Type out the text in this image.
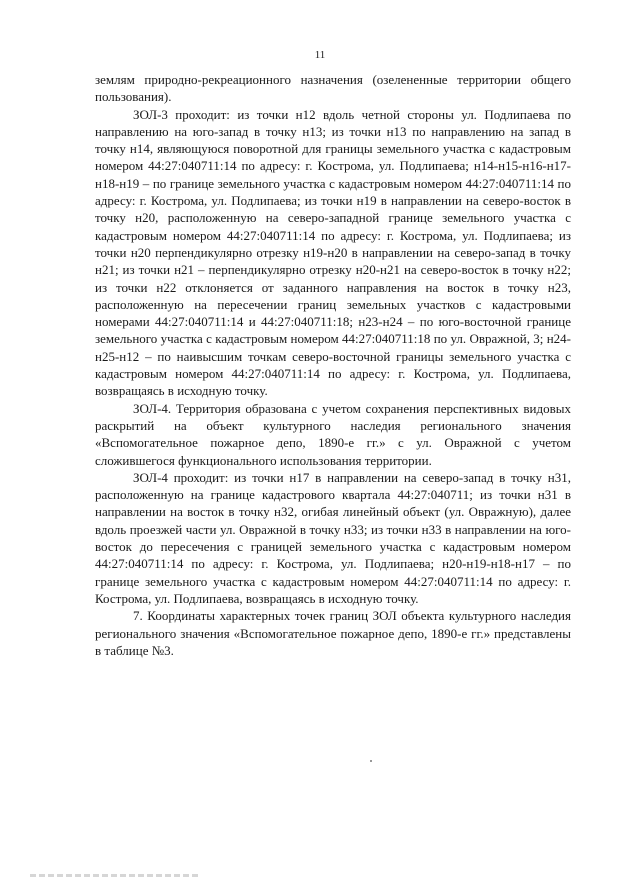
11

землям природно-рекреационного назначения (озелененные территории общего пользования).

ЗОЛ-3 проходит: из точки н12 вдоль четной стороны ул. Подлипаева по направлению на юго-запад в точку н13; из точки н13 по направлению на запад в точку н14, являющуюся поворотной для границы земельного участка с кадастровым номером 44:27:040711:14 по адресу: г. Кострома, ул. Подлипаева; н14-н15-н16-н17-н18-н19 – по границе земельного участка с кадастровым номером 44:27:040711:14 по адресу: г. Кострома, ул. Подлипаева; из точки н19 в направлении на северо-восток в точку н20, расположенную на северо-западной границе земельного участка с кадастровым номером 44:27:040711:14 по адресу: г. Кострома, ул. Подлипаева; из точки н20 перпендикулярно отрезку н19-н20 в направлении на северо-запад в точку н21; из точки н21 – перпендикулярно отрезку н20-н21 на северо-восток в точку н22; из точки н22 отклоняется от заданного направления на восток в точку н23, расположенную на пересечении границ земельных участков с кадастровыми номерами 44:27:040711:14 и 44:27:040711:18; н23-н24 – по юго-восточной границе земельного участка с кадастровым номером 44:27:040711:18 по ул. Овражной, 3; н24-н25-н12 – по наивысшим точкам северо-восточной границы земельного участка с кадастровым номером 44:27:040711:14 по адресу: г. Кострома, ул. Подлипаева, возвращаясь в исходную точку.

ЗОЛ-4. Территория образована с учетом сохранения перспективных видовых раскрытий на объект культурного наследия регионального значения «Вспомогательное пожарное депо, 1890-е гг.» с ул. Овражной с учетом сложившегося функционального использования территории.

ЗОЛ-4 проходит: из точки н17 в направлении на северо-запад в точку н31, расположенную на границе кадастрового квартала 44:27:040711; из точки н31 в направлении на восток в точку н32, огибая линейный объект (ул. Овражную), далее вдоль проезжей части ул. Овражной в точку н33; из точки н33 в направлении на юго-восток до пересечения с границей земельного участка с кадастровым номером 44:27:040711:14 по адресу: г. Кострома, ул. Подлипаева; н20-н19-н18-н17 – по границе земельного участка с кадастровым номером 44:27:040711:14 по адресу: г. Кострома, ул. Подлипаева, возвращаясь в исходную точку.

7. Координаты характерных точек границ ЗОЛ объекта культурного наследия регионального значения «Вспомогательное пожарное депо, 1890-е гг.» представлены в таблице №3.
